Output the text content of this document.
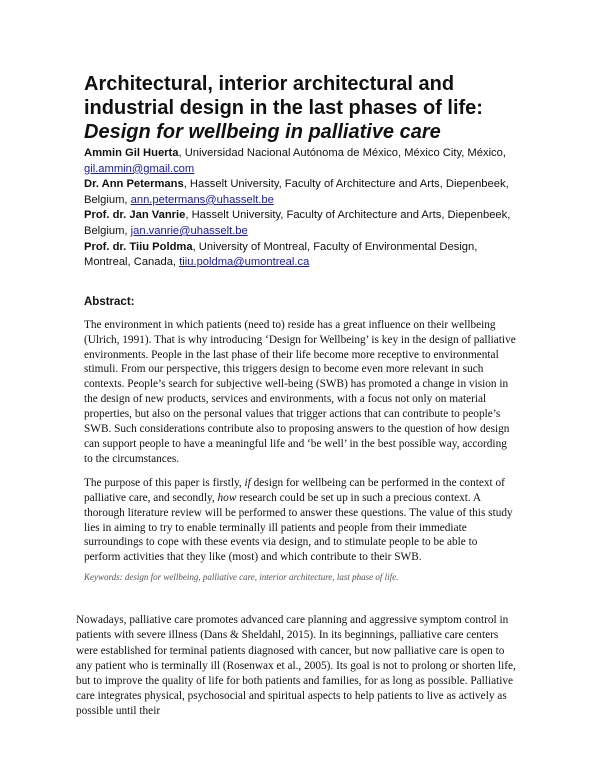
Architectural, interior architectural and
industrial design in the last phases of life:
Design for wellbeing in palliative care
Ammin Gil Huerta, Universidad Nacional Autónoma de México, México City, México, gil.ammin@gmail.com
Dr. Ann Petermans, Hasselt University, Faculty of Architecture and Arts, Diepenbeek, Belgium, ann.petermans@uhasselt.be
Prof. dr. Jan Vanrie, Hasselt University, Faculty of Architecture and Arts, Diepenbeek, Belgium, jan.vanrie@uhasselt.be
Prof. dr. Tiiu Poldma, University of Montreal, Faculty of Environmental Design, Montreal, Canada, tiiu.poldma@umontreal.ca
Abstract:

The environment in which patients (need to) reside has a great influence on their wellbeing (Ulrich, 1991). That is why introducing ‘Design for Wellbeing’ is key in the design of palliative environments. People in the last phase of their life become more receptive to environmental stimuli. From our perspective, this triggers design to become even more relevant in such contexts. People’s search for subjective well-being (SWB) has promoted a change in vision in the design of new products, services and environments, with a focus not only on material properties, but also on the personal values that trigger actions that can contribute to people’s SWB. Such considerations contribute also to proposing answers to the question of how design can support people to have a meaningful life and ‘be well’ in the best possible way, according to the circumstances.

The purpose of this paper is firstly, if design for wellbeing can be performed in the context of palliative care, and secondly, how research could be set up in such a precious context. A thorough literature review will be performed to answer these questions. The value of this study lies in aiming to try to enable terminally ill patients and people from their immediate surroundings to cope with these events via design, and to stimulate people to be able to perform activities that they like (most) and which contribute to their SWB.

Keywords: design for wellbeing, palliative care, interior architecture, last phase of life.

Nowadays, palliative care promotes advanced care planning and aggressive symptom control in patients with severe illness (Dans & Sheldahl, 2015). In its beginnings, palliative care centers were established for terminal patients diagnosed with cancer, but now palliative care is open to any patient who is terminally ill (Rosenwax et al., 2005). Its goal is not to prolong or shorten life, but to improve the quality of life for both patients and families, for as long as possible. Palliative care integrates physical, psychosocial and spiritual aspects to help patients to live as actively as possible until their
